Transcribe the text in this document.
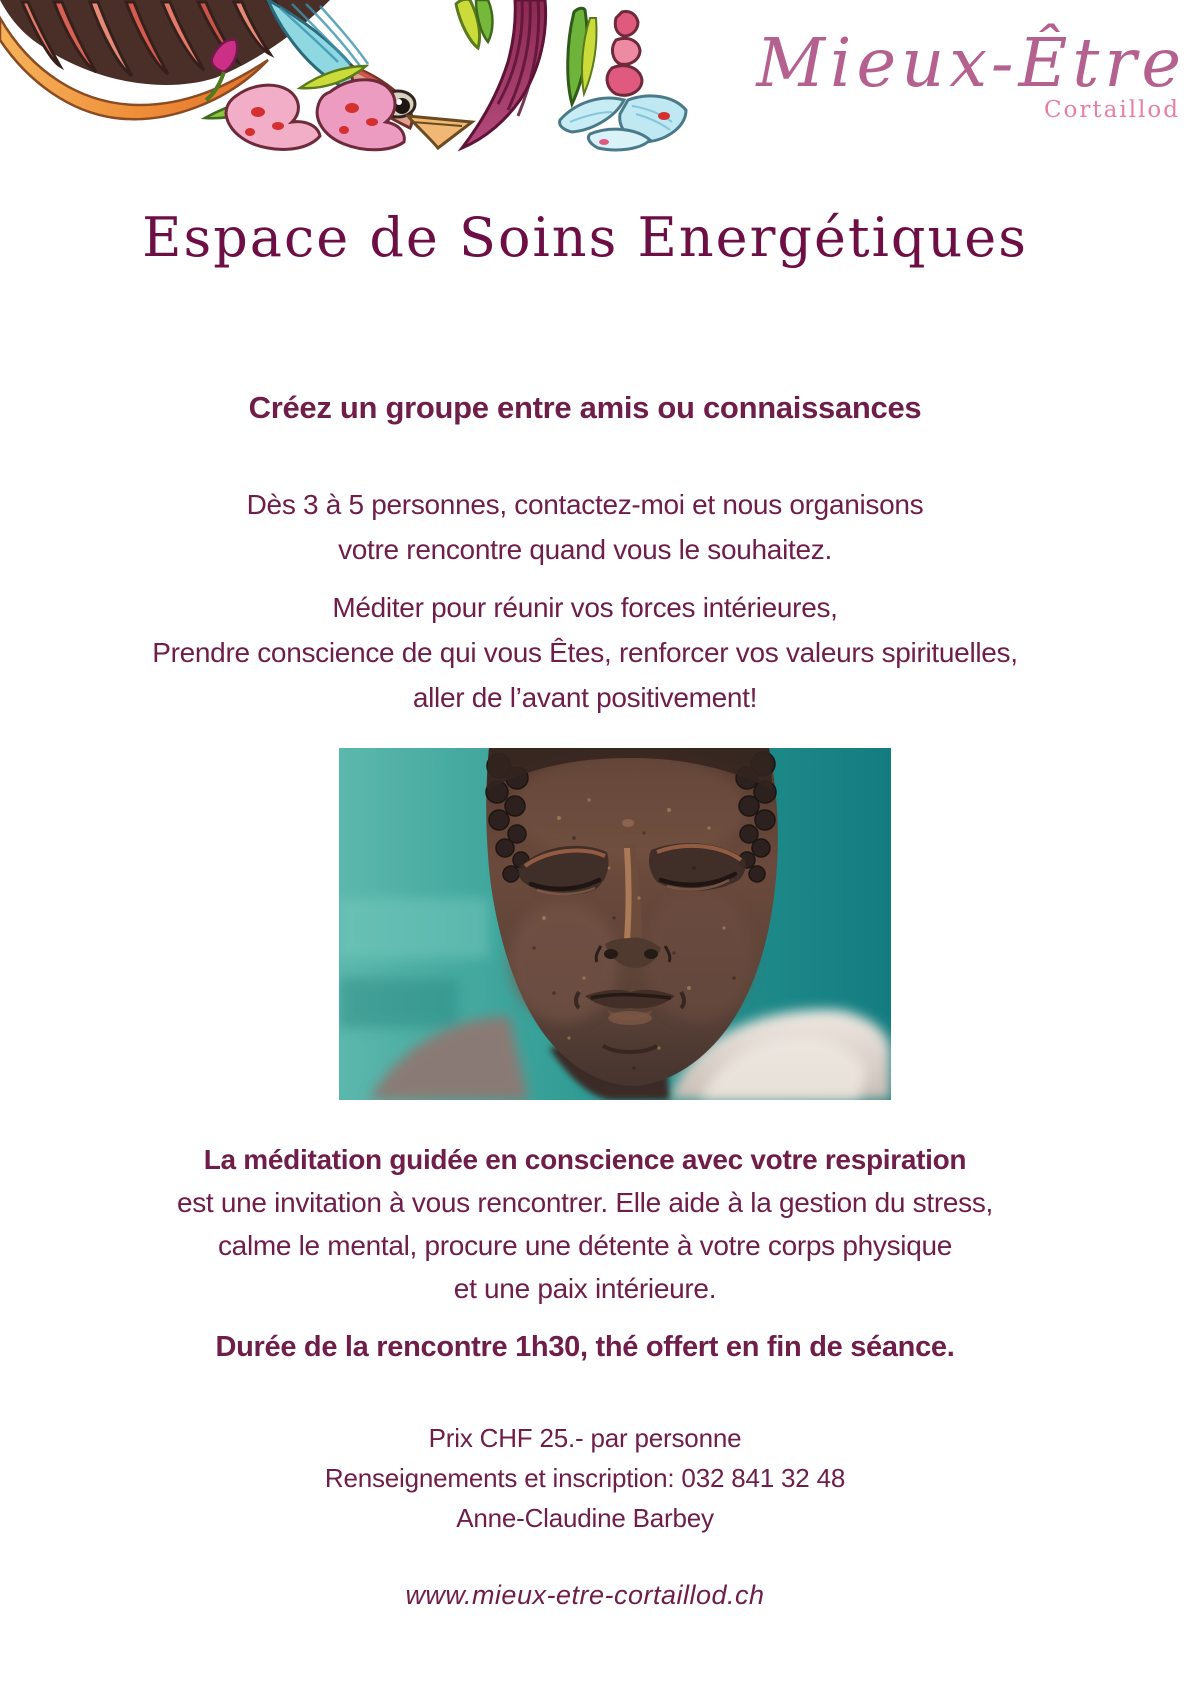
Mieux-Être
Cortaillod
Espace de Soins Energétiques
Créez un groupe entre amis ou connaissances
Dès 3 à 5 personnes, contactez-moi et nous organisons
votre rencontre quand vous le souhaitez.
Méditer pour réunir vos forces intérieures,
Prendre conscience de qui vous Êtes, renforcer vos valeurs spirituelles,
aller de l’avant positivement!
La méditation guidée en conscience avec votre respiration
est une invitation à vous rencontrer. Elle aide à la gestion du stress,
calme le mental, procure une détente à votre corps physique
et une paix intérieure.
Durée de la rencontre 1h30, thé offert en fin de séance.
Prix CHF 25.- par personne
Renseignements et inscription: 032 841 32 48
Anne-Claudine Barbey
www.mieux-etre-cortaillod.ch
